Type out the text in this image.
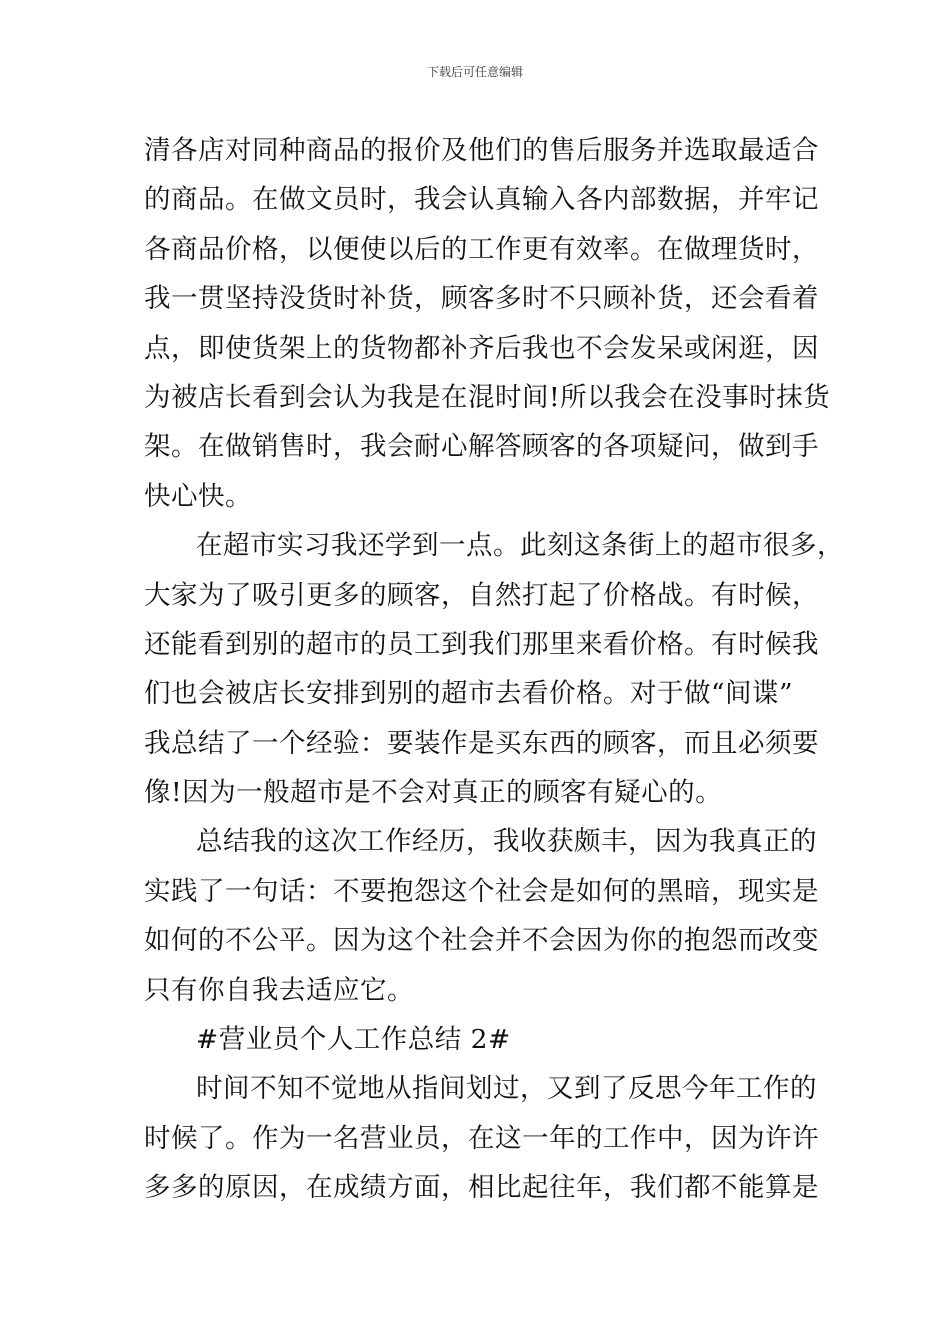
下载后可任意编辑
清各店对同种商品的报价及他们的售后服务并选取最适合
的商品。在做文员时，我会认真输入各内部数据，并牢记
各商品价格，以便使以后的工作更有效率。在做理货时，
我一贯坚持没货时补货，顾客多时不只顾补货，还会看着
点，即使货架上的货物都补齐后我也不会发呆或闲逛，因
为被店长看到会认为我是在混时间!所以我会在没事时抹货
架。在做销售时，我会耐心解答顾客的各项疑问，做到手
快心快。
在超市实习我还学到一点。此刻这条街上的超市很多，
大家为了吸引更多的顾客，自然打起了价格战。有时候，
还能看到别的超市的员工到我们那里来看价格。有时候我
们也会被店长安排到别的超市去看价格。对于做“间谍”
我总结了一个经验：要装作是买东西的顾客，而且必须要
像!因为一般超市是不会对真正的顾客有疑心的。
总结我的这次工作经历，我收获颇丰，因为我真正的
实践了一句话：不要抱怨这个社会是如何的黑暗，现实是
如何的不公平。因为这个社会并不会因为你的抱怨而改变
只有你自我去适应它。
#营业员个人工作总结 2#
时间不知不觉地从指间划过，又到了反思今年工作的
时候了。作为一名营业员，在这一年的工作中，因为许许
多多的原因，在成绩方面，相比起往年，我们都不能算是
